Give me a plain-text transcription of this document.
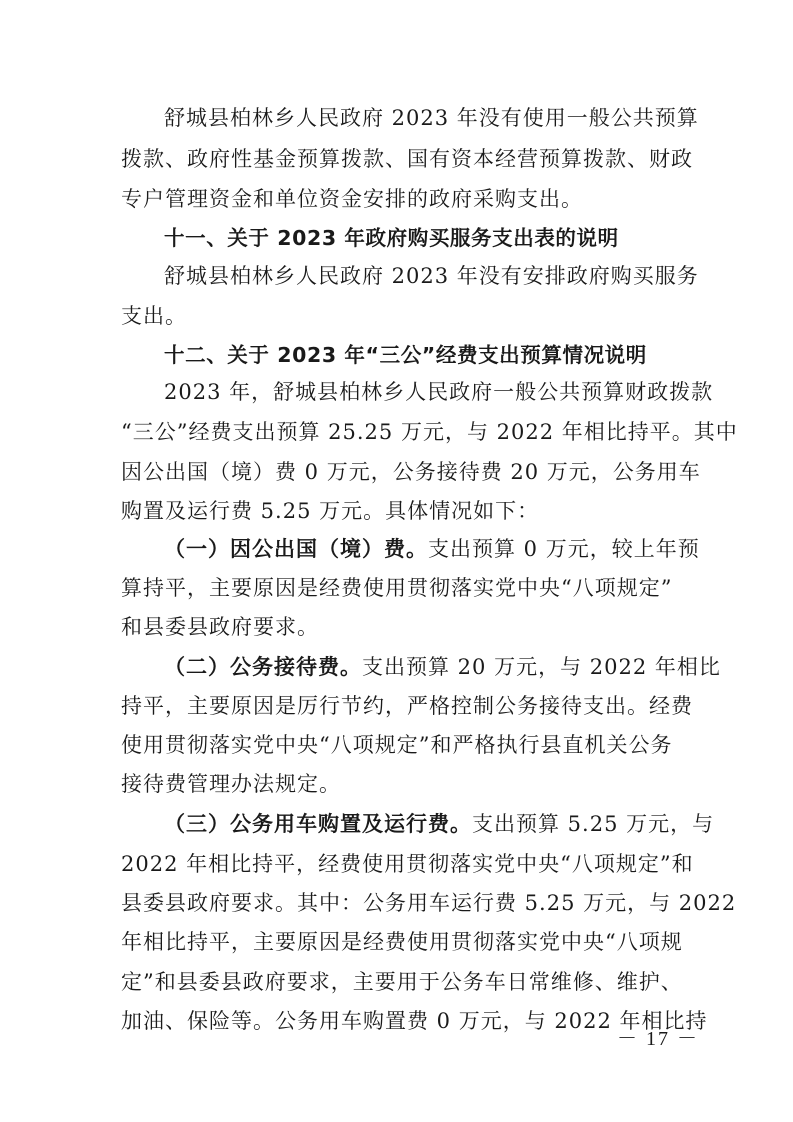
舒城县柏林乡人民政府 2023 年没有使用一般公共预算
拨款、政府性基金预算拨款、国有资本经营预算拨款、财政
专户管理资金和单位资金安排的政府采购支出。
十一、关于 2023 年政府购买服务支出表的说明
舒城县柏林乡人民政府 2023 年没有安排政府购买服务
支出。
十二、关于 2023 年“三公”经费支出预算情况说明
2023 年，舒城县柏林乡人民政府一般公共预算财政拨款
“三公”经费支出预算 25.25 万元，与 2022 年相比持平。其中
因公出国（境）费 0 万元，公务接待费 20 万元，公务用车
购置及运行费 5.25 万元。具体情况如下：
（一）因公出国（境）费。支出预算 0 万元，较上年预
算持平，主要原因是经费使用贯彻落实党中央“八项规定”
和县委县政府要求。
（二）公务接待费。支出预算 20 万元，与 2022 年相比
持平，主要原因是厉行节约，严格控制公务接待支出。经费
使用贯彻落实党中央“八项规定”和严格执行县直机关公务
接待费管理办法规定。
（三）公务用车购置及运行费。支出预算 5.25 万元，与
2022 年相比持平，经费使用贯彻落实党中央“八项规定”和
县委县政府要求。其中：公务用车运行费 5.25 万元，与 2022
年相比持平，主要原因是经费使用贯彻落实党中央“八项规
定”和县委县政府要求，主要用于公务车日常维修、维护、
加油、保险等。公务用车购置费 0 万元，与 2022 年相比持
－ 17 －
